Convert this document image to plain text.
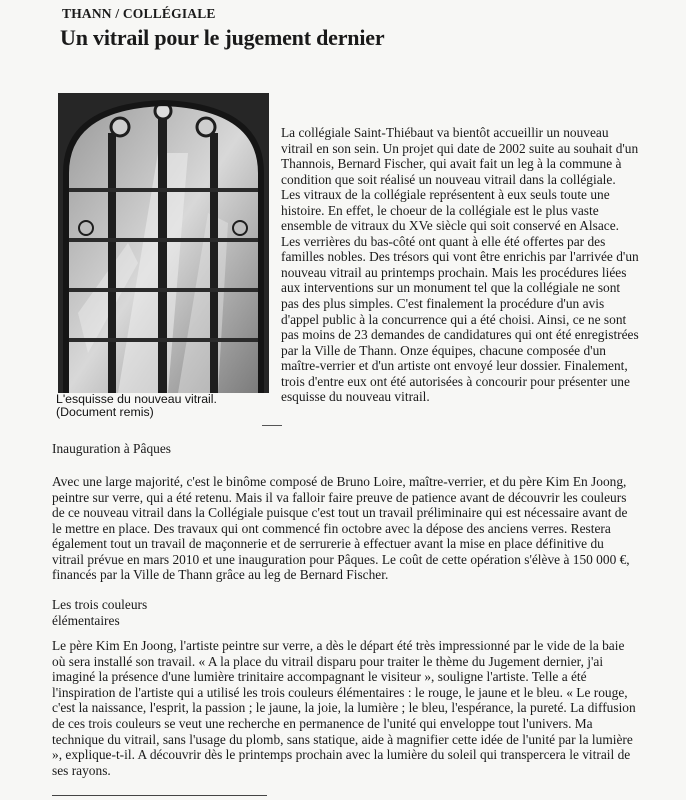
THANN / COLLÉGIALE
Un vitrail pour le jugement dernier
L'esquisse du nouveau vitrail.
(Document remis)

La collégiale Saint-Thiébaut va bientôt accueillir un nouveau vitrail en son sein. Un projet qui date de 2002 suite au souhait d'un Thannois, Bernard Fischer, qui avait fait un leg à la commune à condition que soit réalisé un nouveau vitrail dans la collégiale.

Les vitraux de la collégiale représentent à eux seuls toute une histoire. En effet, le choeur de la collégiale est le plus vaste ensemble de vitraux du XVe siècle qui soit conservé en Alsace. Les verrières du bas-côté ont quant à elle été offertes par des familles nobles. Des trésors qui vont être enrichis par l'arrivée d'un nouveau vitrail au printemps prochain. Mais les procédures liées aux interventions sur un monument tel que la collégiale ne sont pas des plus simples. C'est finalement la procédure d'un avis d'appel public à la concurrence qui a été choisi. Ainsi, ce ne sont pas moins de 23 demandes de candidatures qui ont été enregistrées par la Ville de Thann. Onze équipes, chacune composée d'un maître-verrier et d'un artiste ont envoyé leur dossier. Finalement, trois d'entre eux ont été autorisées à concourir pour présenter une esquisse du nouveau vitrail.

Inauguration à Pâques

Avec une large majorité, c'est le binôme composé de Bruno Loire, maître-verrier, et du père Kim En Joong, peintre sur verre, qui a été retenu. Mais il va falloir faire preuve de patience avant de découvrir les couleurs de ce nouveau vitrail dans la Collégiale puisque c'est tout un travail préliminaire qui est nécessaire avant de le mettre en place. Des travaux qui ont commencé fin octobre avec la dépose des anciens verres. Restera également tout un travail de maçonnerie et de serrurerie à effectuer avant la mise en place définitive du vitrail prévue en mars 2010 et une inauguration pour Pâques. Le coût de cette opération s'élève à 150 000 €, financés par la Ville de Thann grâce au leg de Bernard Fischer.

Les trois couleurs
élémentaires

Le père Kim En Joong, l'artiste peintre sur verre, a dès le départ été très impressionné par le vide de la baie où sera installé son travail. « A la place du vitrail disparu pour traiter le thème du Jugement dernier, j'ai imaginé la présence d'une lumière trinitaire accompagnant le visiteur », souligne l'artiste. Telle a été l'inspiration de l'artiste qui a utilisé les trois couleurs élémentaires : le rouge, le jaune et le bleu. « Le rouge, c'est la naissance, l'esprit, la passion ; le jaune, la joie, la lumière ; le bleu, l'espérance, la pureté. La diffusion de ces trois couleurs se veut une recherche en permanence de l'unité qui enveloppe tout l'univers. Ma technique du vitrail, sans l'usage du plomb, sans statique, aide à magnifier cette idée de l'unité par la lumière », explique-t-il. A découvrir dès le printemps prochain avec la lumière du soleil qui transpercera le vitrail de ses rayons.
